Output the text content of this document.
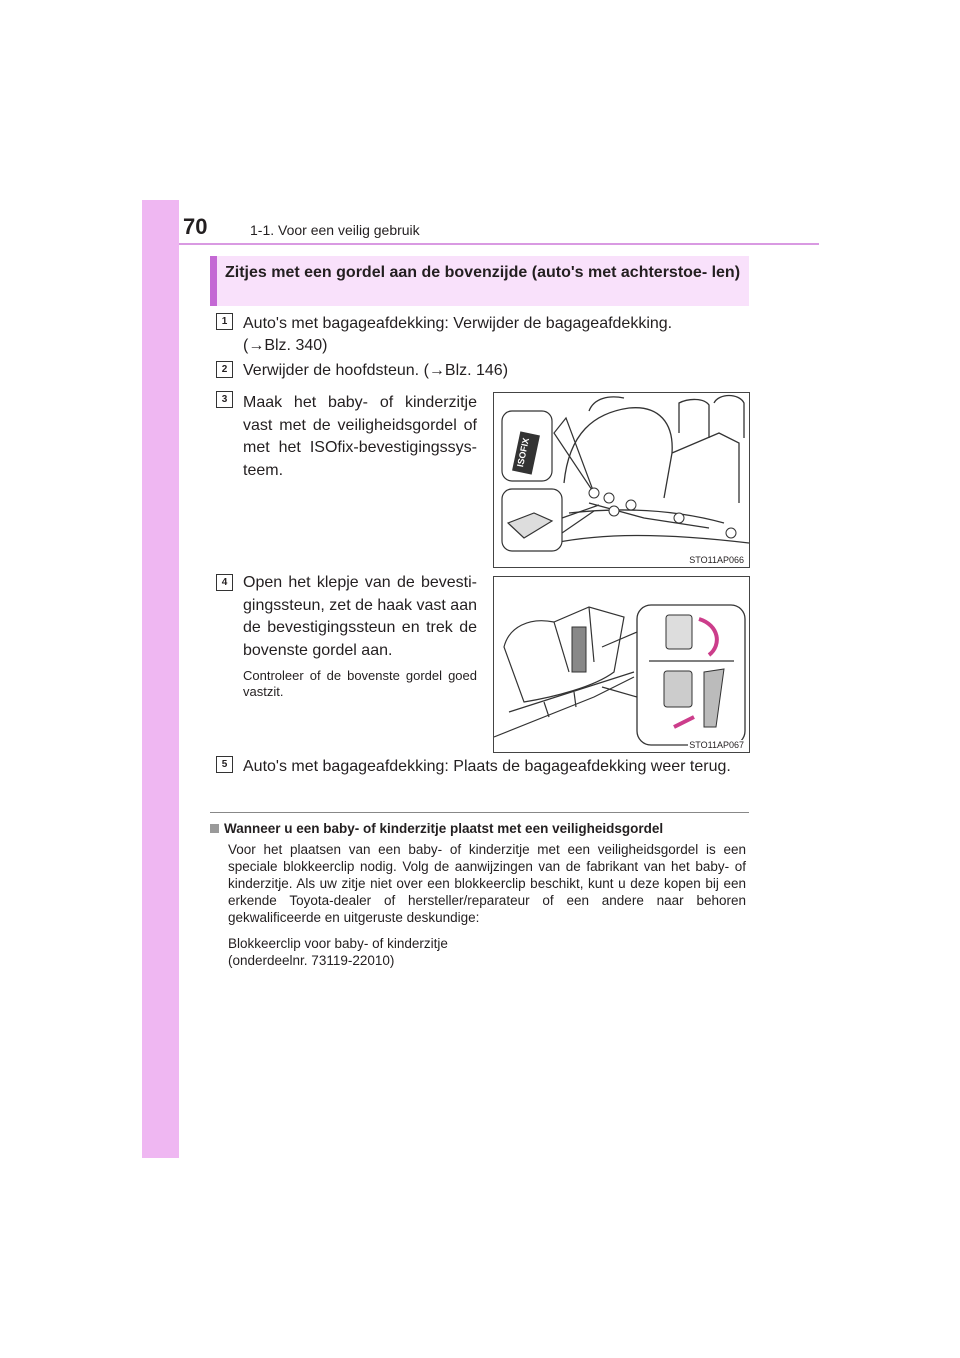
70	1-1. Voor een veilig gebruik
Zitjes met een gordel aan de bovenzijde (auto's met achterstoe- len)
1 Auto's met bagageafdekking: Verwijder de bagageafdekking.
(→Blz. 340)
2 Verwijder de hoofdsteun. (→Blz. 146)
3 Maak het baby- of kinderzitje vast met de veiligheidsgordel of met het ISOfix-bevestigingssys- teem.
ISOFIX
STO11AP066
4 Open het klepje van de bevesti- gingssteun, zet de haak vast aan de bevestigingssteun en trek de bovenste gordel aan.
Controleer of de bovenste gordel goed vastzit.
STO11AP067
5 Auto's met bagageafdekking: Plaats de bagageafdekking weer terug.
Wanneer u een baby- of kinderzitje plaatst met een veiligheidsgordel
Voor het plaatsen van een baby- of kinderzitje met een veiligheidsgordel is een speciale blokkeerclip nodig. Volg de aanwijzingen van de fabrikant van het baby- of kinderzitje. Als uw zitje niet over een blokkeerclip beschikt, kunt u deze kopen bij een erkende Toyota-dealer of hersteller/reparateur of een andere naar behoren gekwalificeerde en uitgeruste deskundige:
Blokkeerclip voor baby- of kinderzitje
(onderdeelnr. 73119-22010)
